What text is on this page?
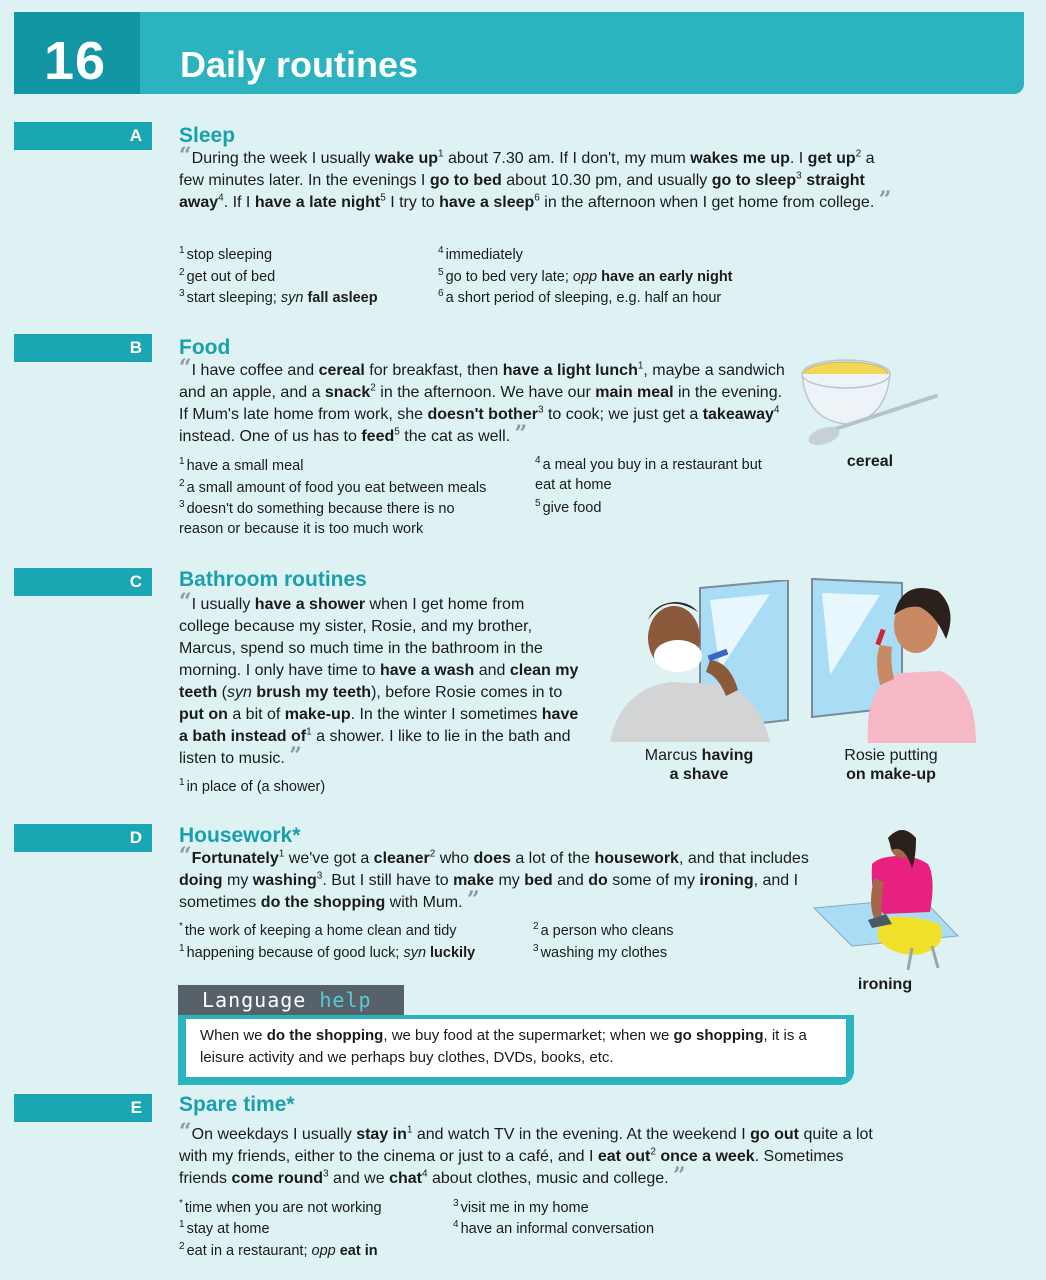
16 Daily routines
A	Sleep
“During the week I usually wake $up^1$ about 7.30 am. If I don't, my mum wakes me up. I get $up^2$ a few minutes later. In the evenings I go to bed about 10.30 pm, and usually go to sleep$^3$ straight away$^4$. If I have a late night$^5$ I try to have a sleep$^6$ in the afternoon when I get home from college. ”
$^1$ stop sleeping
$^2$ get out of bed
$^3$ start sleeping; syn fall asleep
$^4$ immediately
$^5$ go to bed very late; opp have an early night
$^6$ a short period of sleeping, e.g. half an hour
B	Food
“I have coffee and cereal for breakfast, then have a light lunch$^1$, maybe a sandwich and an apple, and a snack$^2$ in the afternoon. We have our main meal in the evening. If Mum's late home from work, she doesn't bother$^3$ to cook; we just get a takeaway$^4$ instead. One of us has to feed$^5$ the cat as well. ”
$^1$ have a small meal
$^2$ a small amount of food you eat between meals
$^3$ doesn't do something because there is no reason or because it is too much work
$^4$ a meal you buy in a restaurant but eat at home
$^5$ give food
cereal
C	Bathroom routines
“I usually have a shower when I get home from college because my sister, Rosie, and my brother, Marcus, spend so much time in the bathroom in the morning. I only have time to have a wash and clean my teeth (syn brush my teeth), before Rosie comes in to put on a bit of make-up. In the winter I sometimes have a bath instead $of^1$ a shower. I like to lie in the bath and listen to music. ”
$^1$ in place of (a shower)
Marcus having
a shave
Rosie putting
on make-up
D	Housework*
“Fortunately$^1$ we've got a cleaner$^2$ who does a lot of the housework, and that includes doing my washing$^3$. But I still have to make my bed and do some of my ironing, and I sometimes do the shopping with Mum. ”
* the work of keeping a home clean and tidy
$^1$ happening because of good luck; syn luckily
$^2$ a person who cleans
$^3$ washing my clothes
ironing
Language help
When we do the shopping, we buy food at the supermarket; when we go shopping, it is a leisure activity and we perhaps buy clothes, DVDs, books, etc.
E	Spare time*
“On weekdays I usually stay $in^1$ and watch TV in the evening. At the weekend I go out quite a lot with my friends, either to the cinema or just to a café, and I eat out$^2$ once a week. Sometimes friends come round$^3$ and we chat$^4$ about clothes, music and college. ”
* time when you are not working
$^1$ stay at home
$^2$ eat in a restaurant; opp eat in
$^3$ visit me in my home
$^4$ have an informal conversation
